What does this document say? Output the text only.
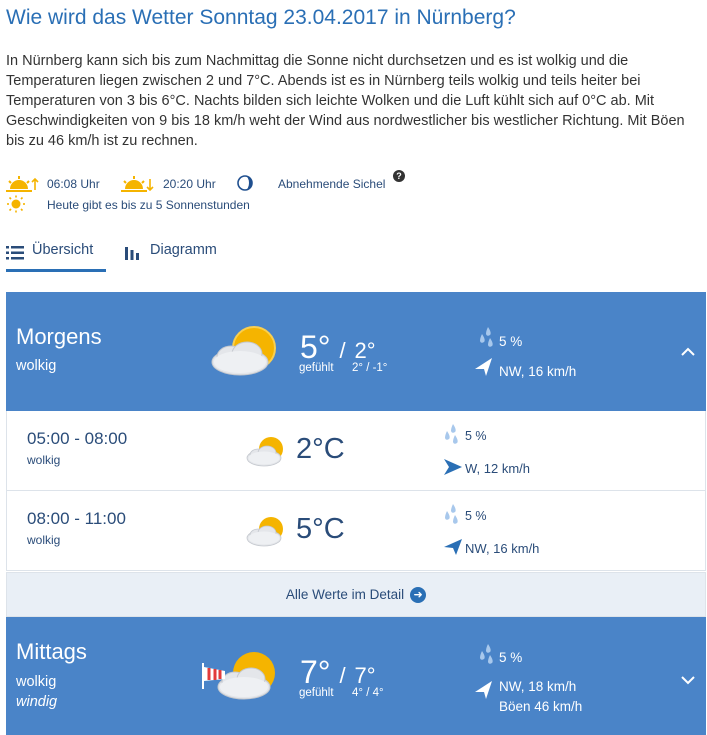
Wie wird das Wetter Sonntag 23.04.2017 in Nürnberg?
In Nürnberg kann sich bis zum Nachmittag die Sonne nicht durchsetzen und es ist wolkig und die Temperaturen liegen zwischen 2 und 7°C. Abends ist es in Nürnberg teils wolkig und teils heiter bei Temperaturen von 3 bis 6°C. Nachts bilden sich leichte Wolken und die Luft kühlt sich auf 0°C ab. Mit Geschwindigkeiten von 9 bis 18 km/h weht der Wind aus nordwestlicher bis westlicher Richtung. Mit Böen bis zu 46 km/h ist zu rechnen.
06:08 Uhr	20:20 Uhr	Abnehmende Sichel
?
Heute gibt es bis zu 5 Sonnenstunden
Übersicht	Diagramm
Morgens
wolkig
5° / 2°
gefühlt 2° / -1°
5 %
NW, 16 km/h
05:00 - 08:00
wolkig	2°C	5 %
W, 12 km/h
08:00 - 11:00
wolkig	5°C	5 %
NW, 16 km/h
Alle Werte im Detail ➜
Mittags
wolkig
windig
7° / 7°
gefühlt 4° / 4°
5 %
NW, 18 km/h
Böen 46 km/h
